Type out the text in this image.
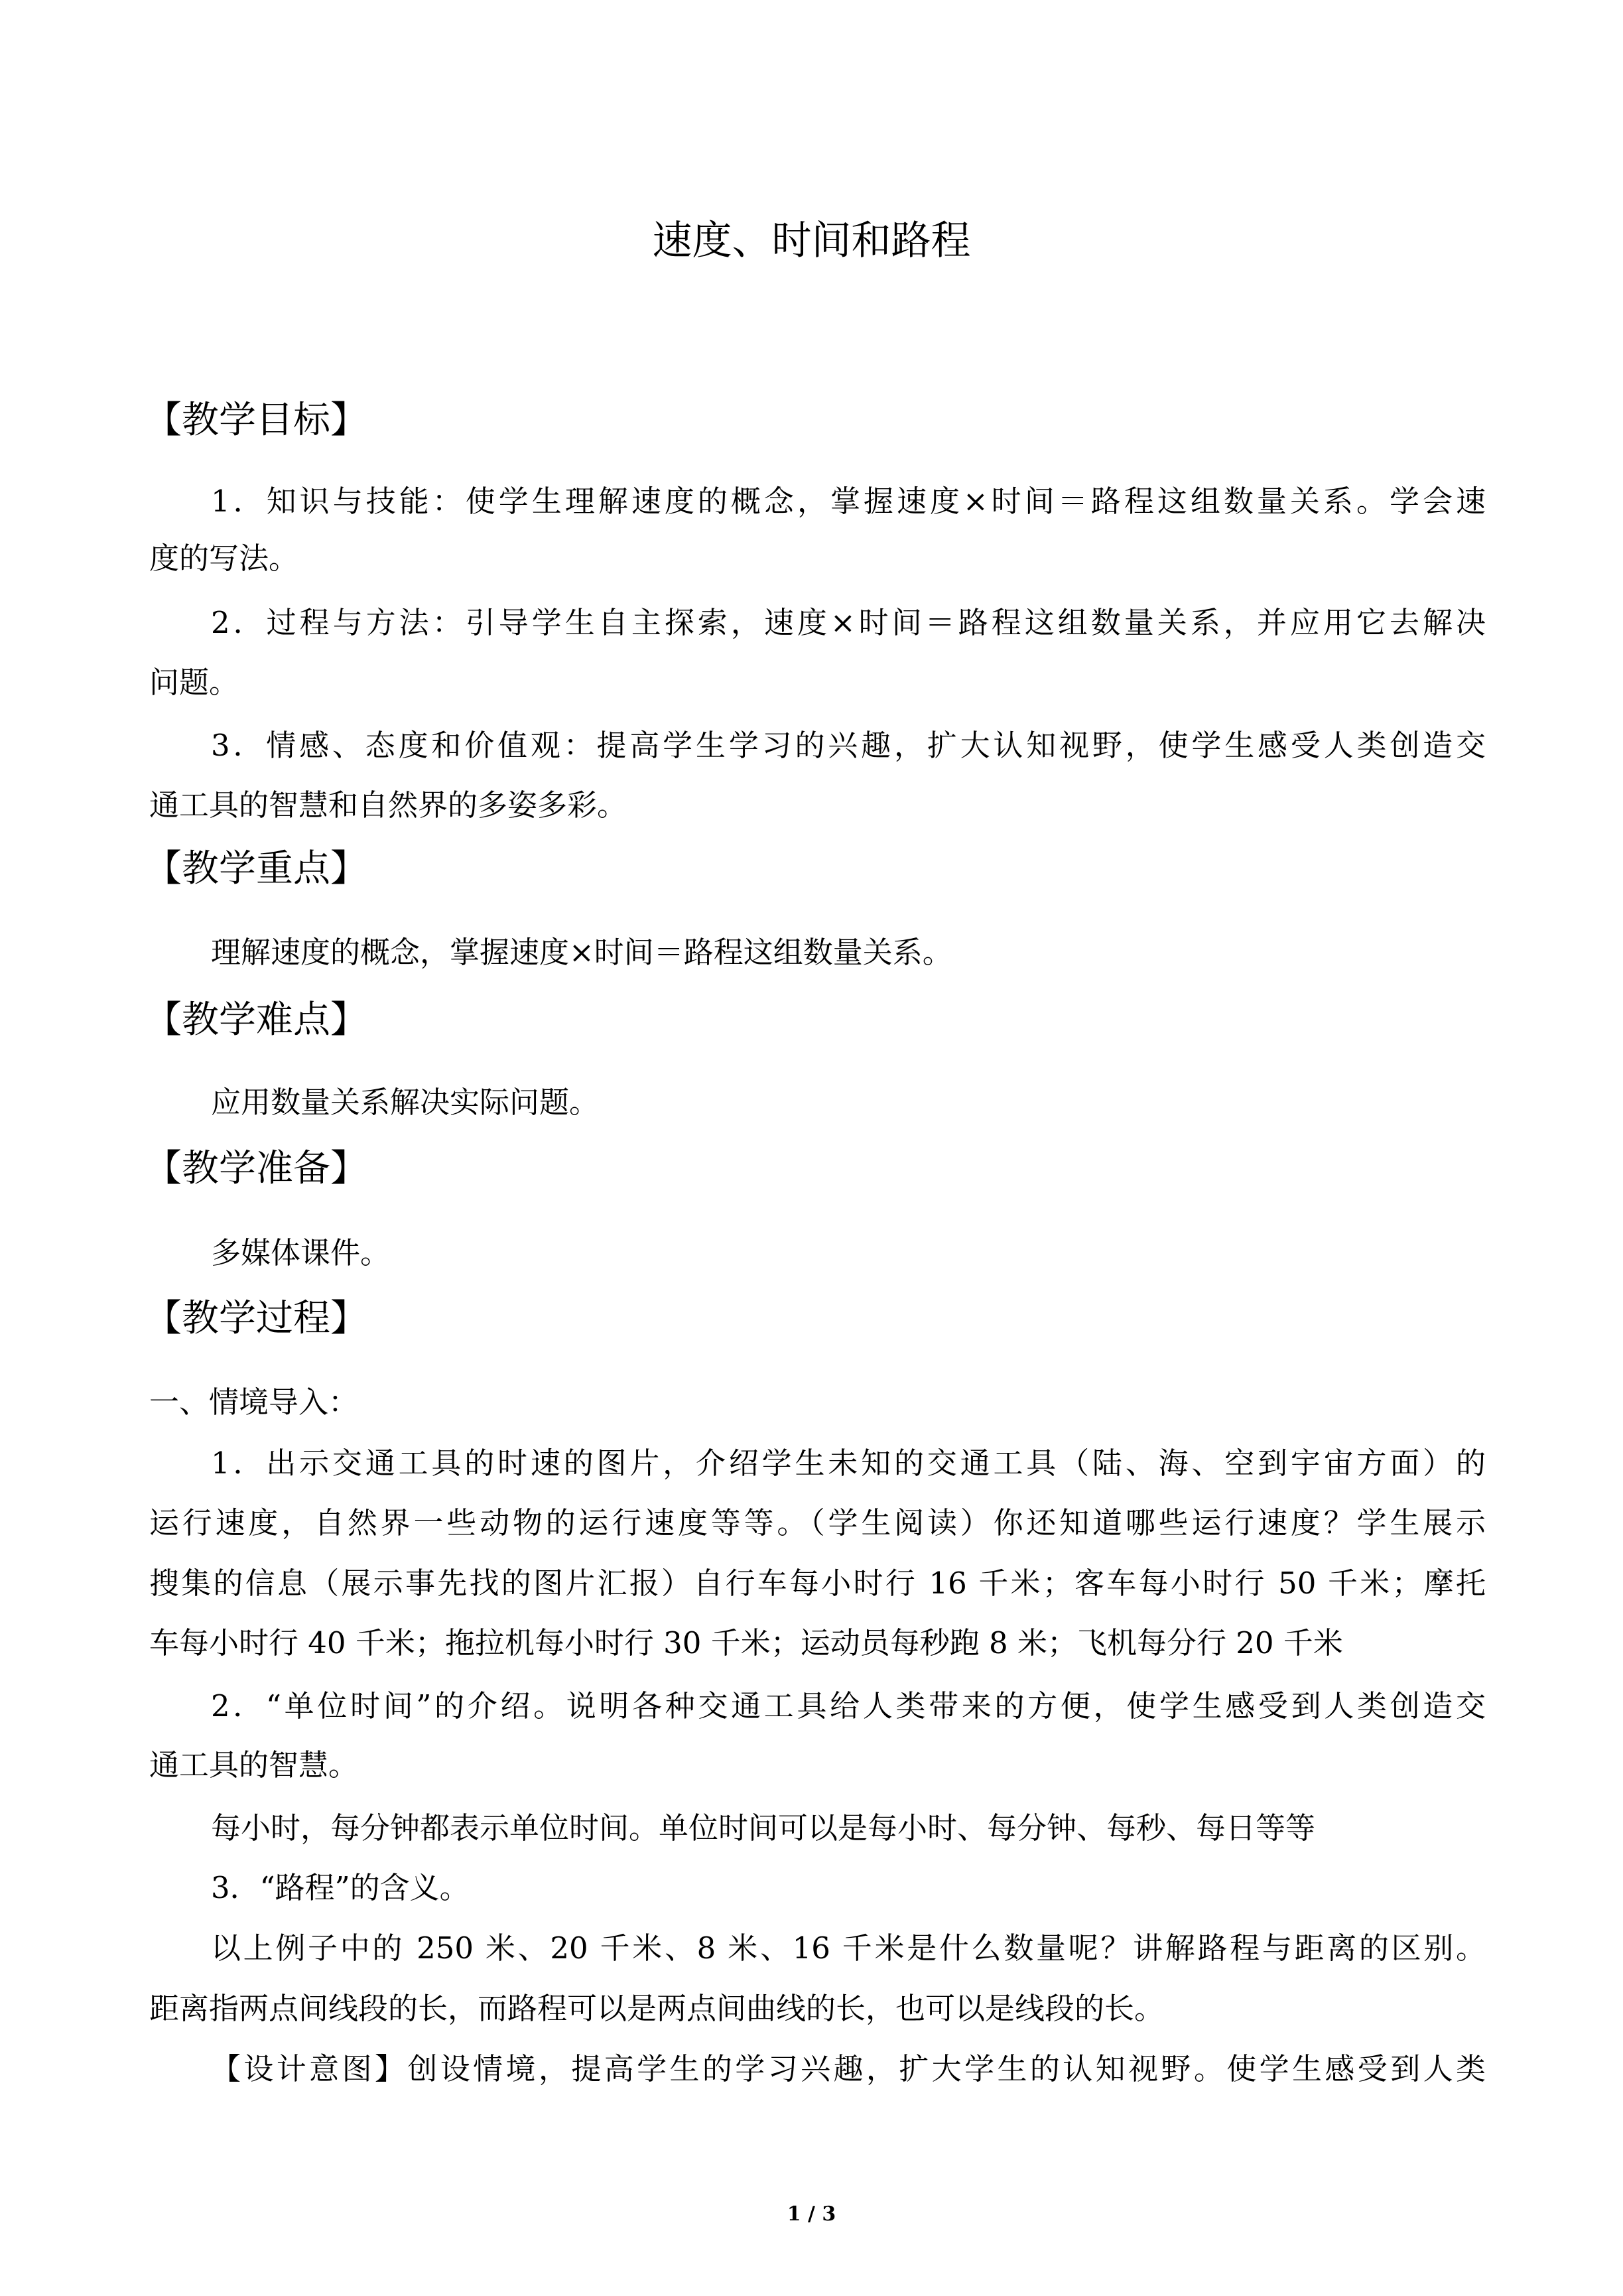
速度、时间和路程
【教学目标】
1．知识与技能：使学生理解速度的概念，掌握速度×时间＝路程这组数量关系。学会速
度的写法。
2．过程与方法：引导学生自主探索，速度×时间＝路程这组数量关系，并应用它去解决
问题。
3．情感、态度和价值观：提高学生学习的兴趣，扩大认知视野，使学生感受人类创造交
通工具的智慧和自然界的多姿多彩。
【教学重点】
理解速度的概念，掌握速度×时间＝路程这组数量关系。
【教学难点】
应用数量关系解决实际问题。
【教学准备】
多媒体课件。
【教学过程】
一、情境导入：
1．出示交通工具的时速的图片，介绍学生未知的交通工具（陆、海、空到宇宙方面）的
运行速度，自然界一些动物的运行速度等等。（学生阅读）你还知道哪些运行速度？学生展示
搜集的信息（展示事先找的图片汇报）自行车每小时行 16 千米；客车每小时行 50 千米；摩托
车每小时行 40 千米；拖拉机每小时行 30 千米；运动员每秒跑 8 米；飞机每分行 20 千米
2．“单位时间”的介绍。说明各种交通工具给人类带来的方便，使学生感受到人类创造交
通工具的智慧。
每小时，每分钟都表示单位时间。单位时间可以是每小时、每分钟、每秒、每日等等
3．“路程”的含义。
以上例子中的 250 米、20 千米、8 米、16 千米是什么数量呢？讲解路程与距离的区别。
距离指两点间线段的长，而路程可以是两点间曲线的长，也可以是线段的长。
【设计意图】创设情境，提高学生的学习兴趣，扩大学生的认知视野。使学生感受到人类
1 / 3
